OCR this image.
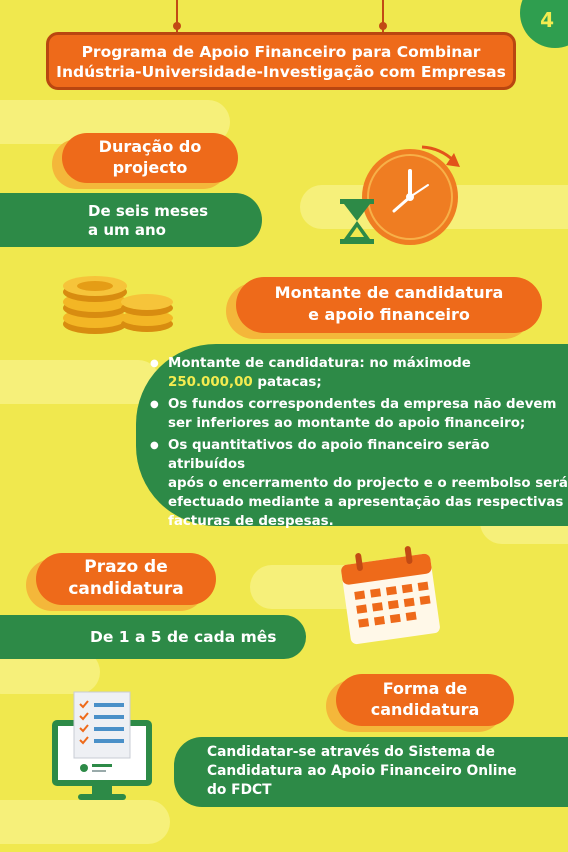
4
Programa de Apoio Financeiro para Combinar
Indústria-Universidade-Investigação com Empresas
Duração do
projecto
De seis meses
a um ano
Montante de candidatura
e apoio financeiro
● Montante de candidatura: no máximode
250.000,00 patacas;
● Os fundos correspondentes da empresa não devem
ser inferiores ao montante do apoio financeiro;
● Os quantitativos do apoio financeiro serão atribuídos
após o encerramento do projecto e o reembolso será
efectuado mediante a apresentação das respectivas
facturas de despesas.
Prazo de
candidatura
De 1 a 5 de cada mês
Forma de
candidatura
Candidatar-se através do Sistema de
Candidatura ao Apoio Financeiro Online
do FDCT
